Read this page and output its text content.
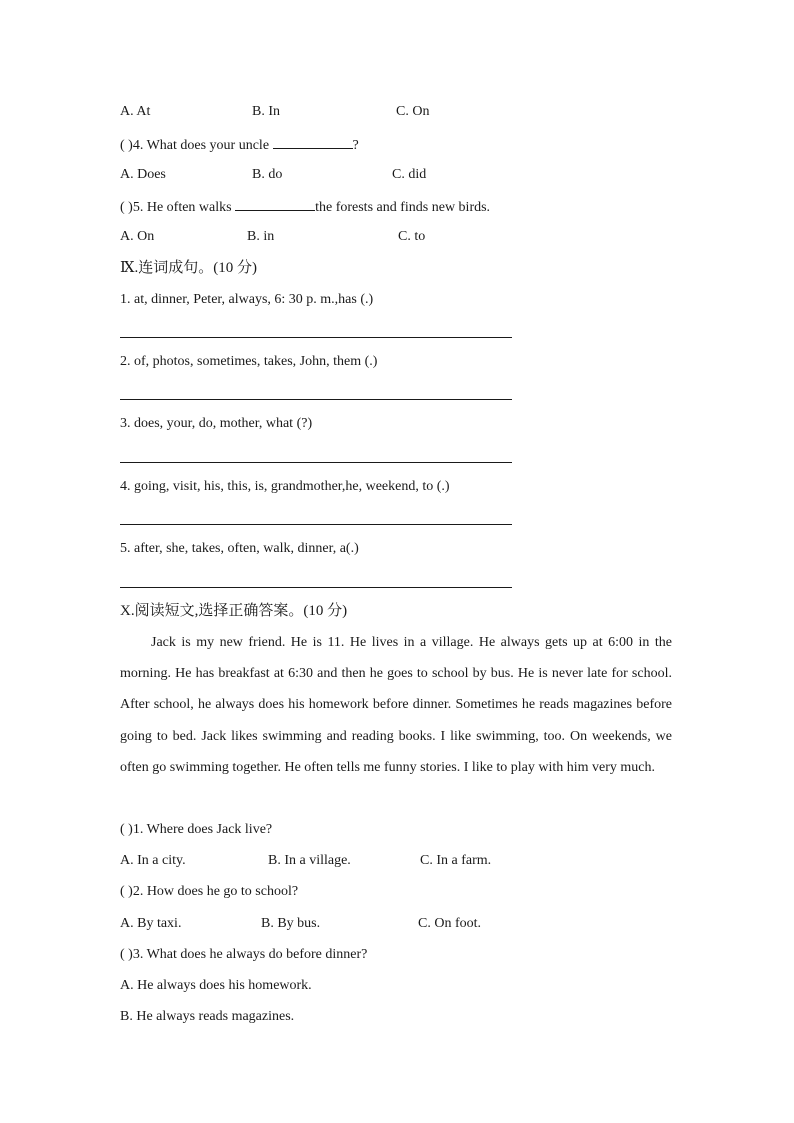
A. At	B. In	C. On
( )4. What does your uncle	?
A. Does	B. do	C. did
( )5. He often walks	the forests and finds new birds.
A. On	B. in	C. to
Ⅸ.连词成句。(10 分)
1. at, dinner, Peter, always, 6: 30 p. m.,has (.)
2. of, photos, sometimes, takes, John, them (.)
3. does, your, do, mother, what (?)
4. going, visit, his, this, is, grandmother,he, weekend, to (.)
5. after, she, takes, often, walk, dinner, a(.)
X.阅读短文,选择正确答案。(10 分)
Jack is my new friend. He is 11. He lives in a village. He always gets up at 6:00 in the morning. He has breakfast at 6:30 and then he goes to school by bus. He is never late for school. After school, he always does his homework before dinner. Sometimes he reads magazines before going to bed. Jack likes swimming and reading books. I like swimming, too. On weekends, we often go swimming together. He often tells me funny stories. I like to play with him very much.
( )1. Where does Jack live?
A. In a city.	B. In a village.	C. In a farm.
( )2. How does he go to school?
A. By taxi.	B. By bus.	C. On foot.
( )3. What does he always do before dinner?
A. He always does his homework.
B. He always reads magazines.
